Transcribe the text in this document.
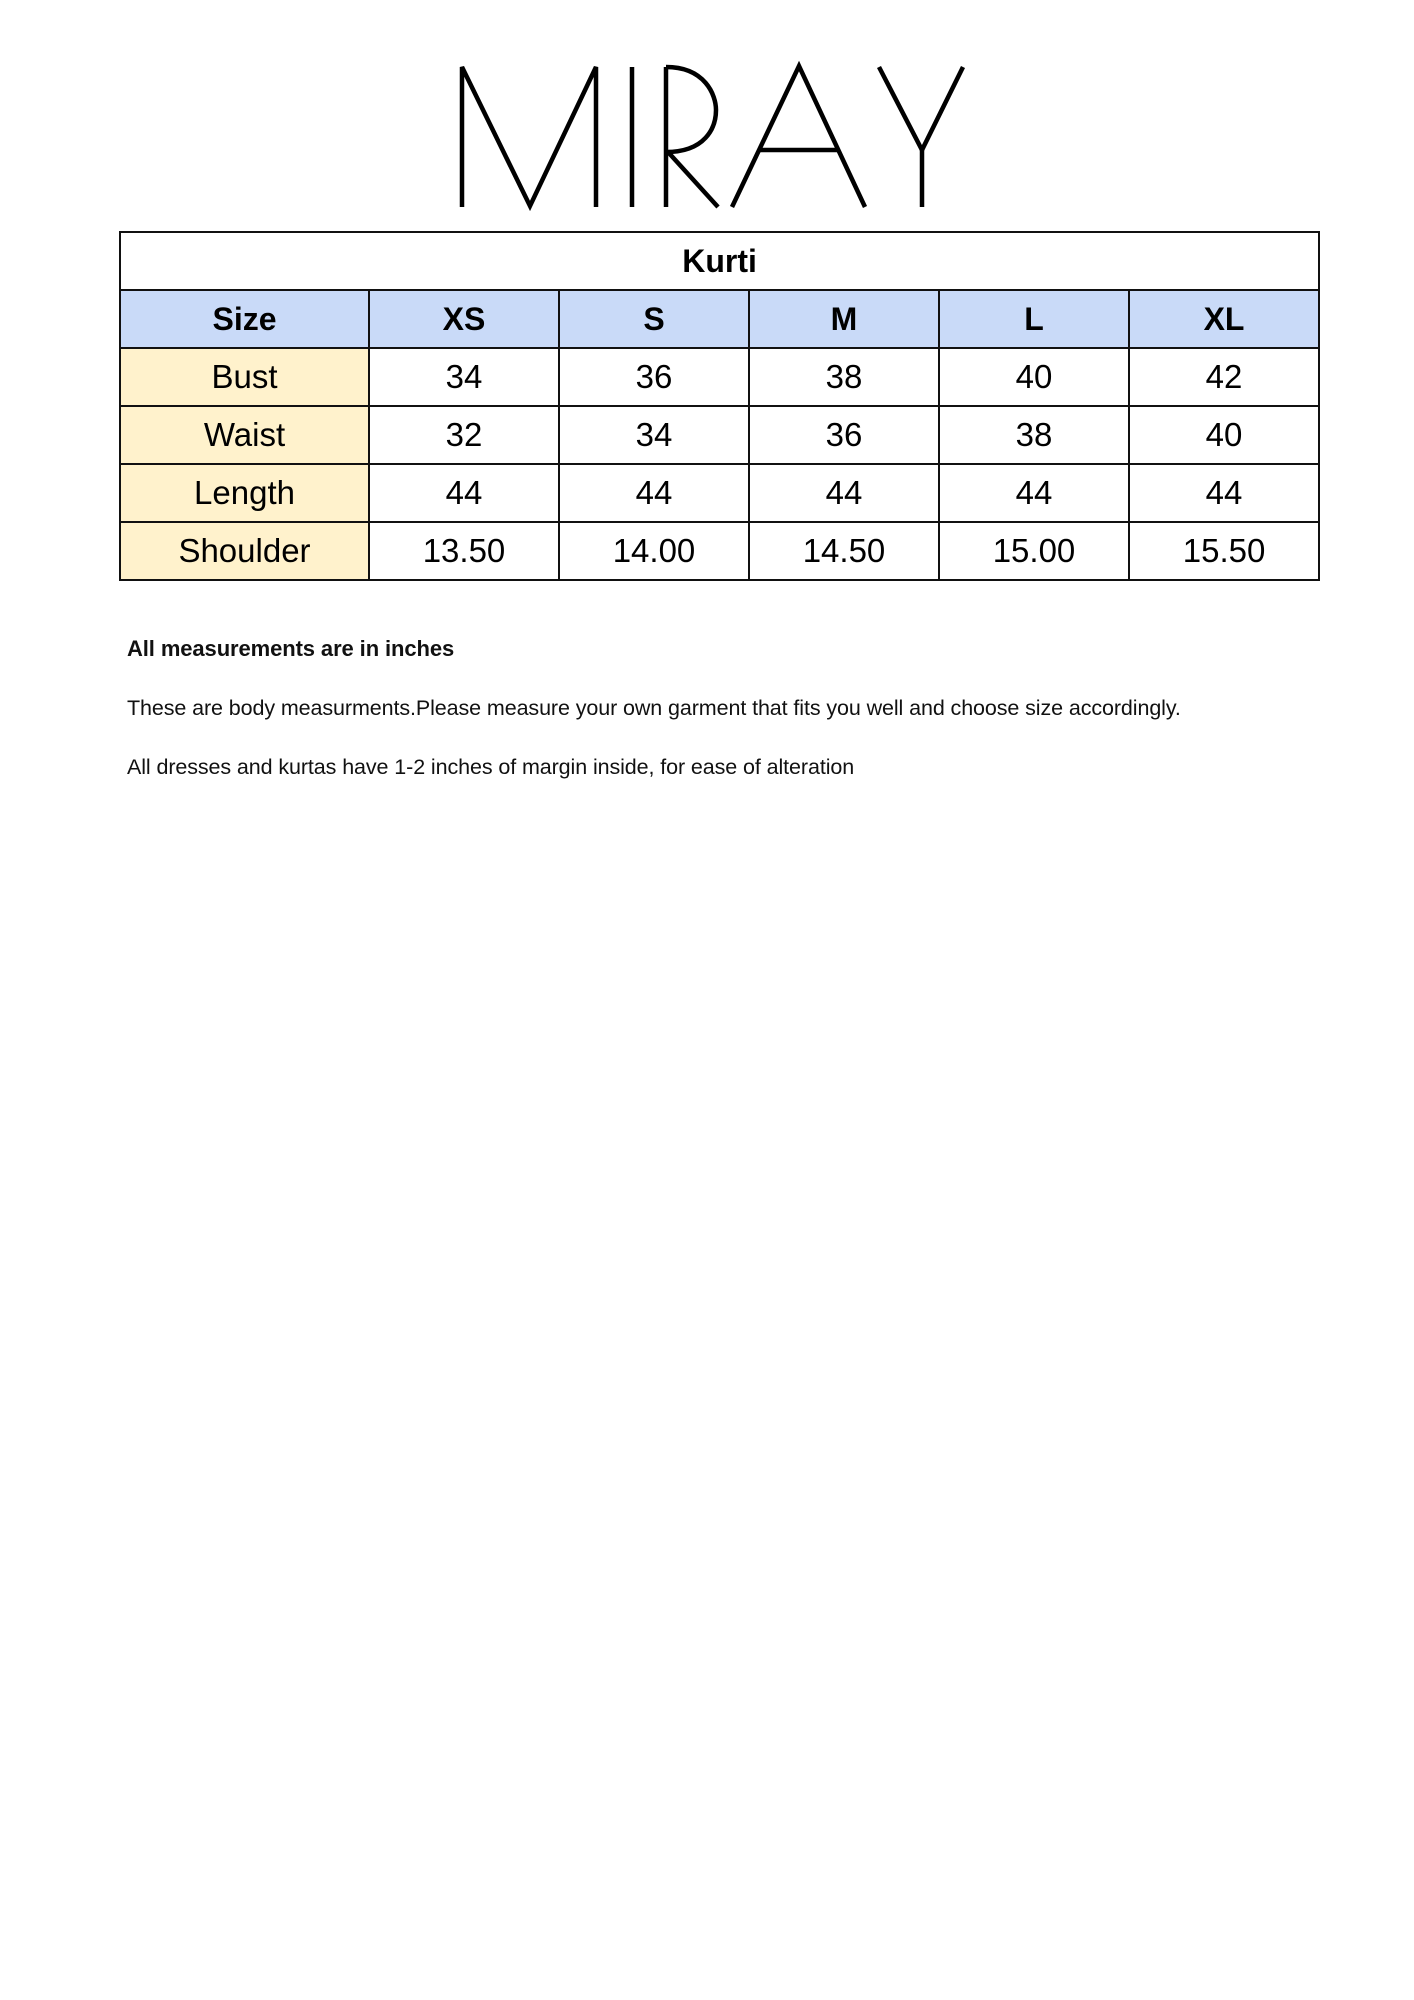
Kurti					
Size	XS	S	M	L	XL
Bust	34	36	38	40	42
Waist	32	34	36	38	40
Length	44	44	44	44	44
Shoulder	13.50	14.00	14.50	15.00	15.50

All measurements are in inches

These are body measurments.Please measure your own garment that fits you well and choose size accordingly.

All dresses and kurtas have 1-2 inches of margin inside, for ease of alteration
